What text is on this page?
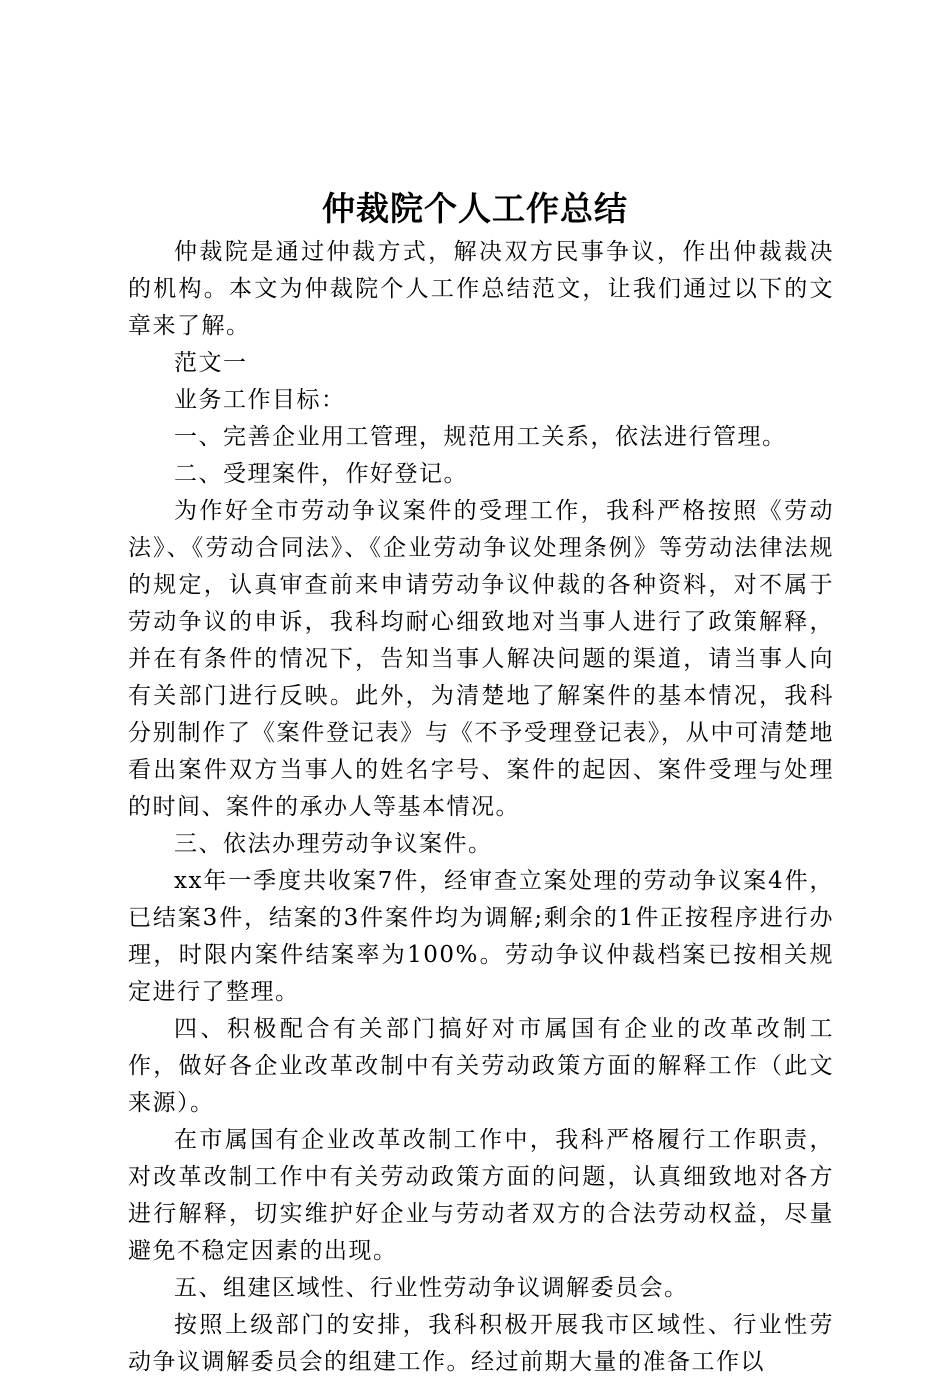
仲裁院个人工作总结

仲裁院是通过仲裁方式，解决双方民事争议，作出仲裁裁决的机构。本文为仲裁院个人工作总结范文，让我们通过以下的文章来了解。

范文一

业务工作目标：

一、完善企业用工管理，规范用工关系，依法进行管理。

二、受理案件，作好登记。

为作好全市劳动争议案件的受理工作，我科严格按照《劳动法》、《劳动合同法》、《企业劳动争议处理条例》等劳动法律法规的规定，认真审查前来申请劳动争议仲裁的各种资料，对不属于劳动争议的申诉，我科均耐心细致地对当事人进行了政策解释，并在有条件的情况下，告知当事人解决问题的渠道，请当事人向有关部门进行反映。此外，为清楚地了解案件的基本情况，我科分别制作了《案件登记表》与《不予受理登记表》，从中可清楚地看出案件双方当事人的姓名字号、案件的起因、案件受理与处理的时间、案件的承办人等基本情况。

三、依法办理劳动争议案件。

xx年一季度共收案7件，经审查立案处理的劳动争议案4件，已结案3件，结案的3件案件均为调解;剩余的1件正按程序进行办理，时限内案件结案率为100%。劳动争议仲裁档案已按相关规定进行了整理。

四、积极配合有关部门搞好对市属国有企业的改革改制工作，做好各企业改革改制中有关劳动政策方面的解释工作（此文来源）。

在市属国有企业改革改制工作中，我科严格履行工作职责，对改革改制工作中有关劳动政策方面的问题，认真细致地对各方进行解释，切实维护好企业与劳动者双方的合法劳动权益，尽量避免不稳定因素的出现。

五、组建区域性、行业性劳动争议调解委员会。

按照上级部门的安排，我科积极开展我市区域性、行业性劳动争议调解委员会的组建工作。经过前期大量的准备工作以
